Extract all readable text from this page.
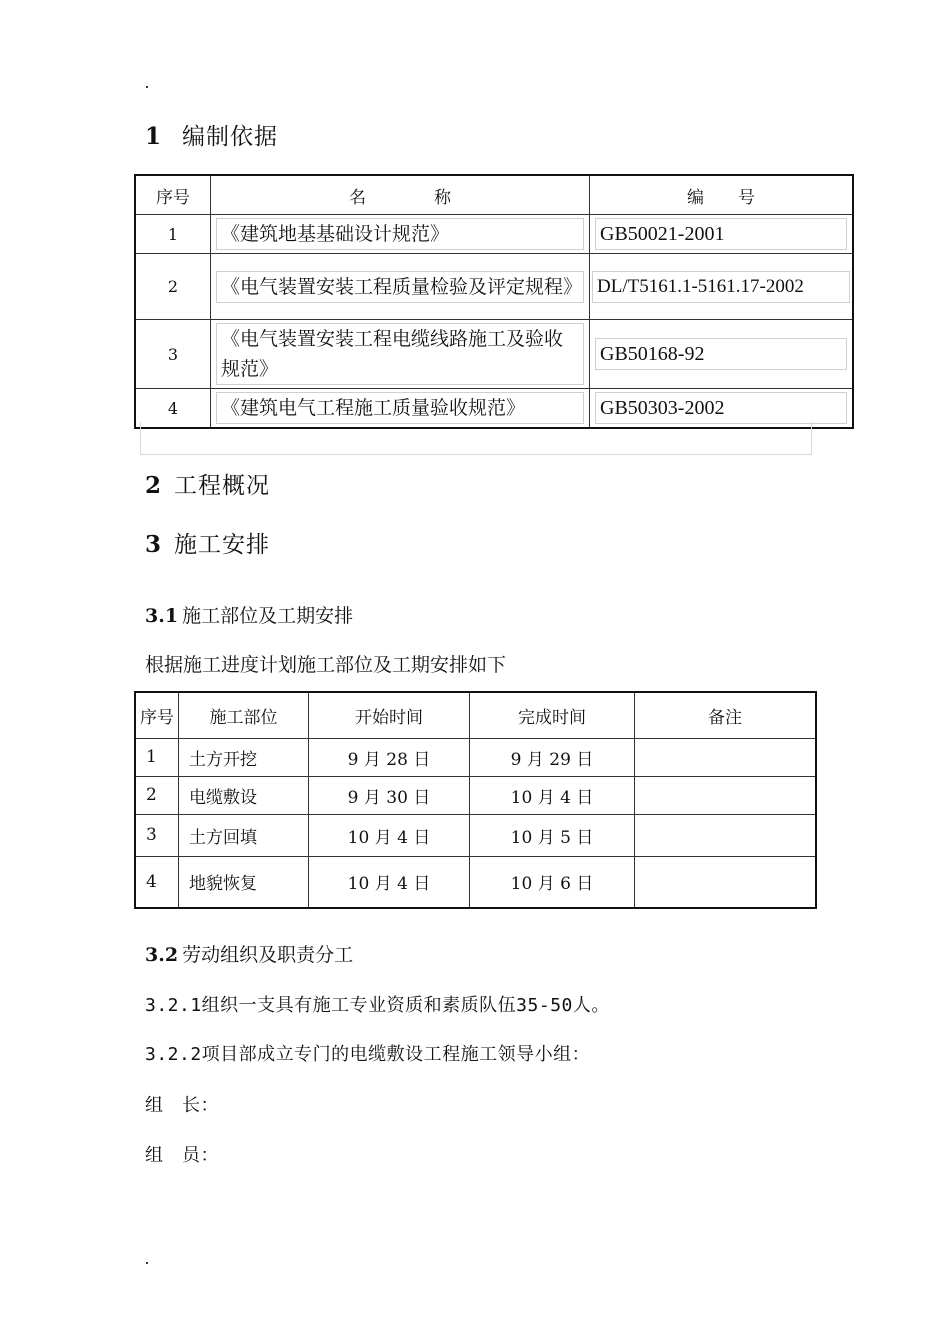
1 编制依据
序号	名　　　　称	编　　号
1	《建筑地基基础设计规范》	GB50021-2001

2	《电气装置安装工程质量检验及评定规程》	DL/T5161.1-5161.17-2002

3	《电气装置安装工程电缆线路施工及验收规范》	GB50168-92

4	《建筑电气工程施工质量验收规范》	GB50303-2002
2 工程概况
3 施工安排
3.1 施工部位及工期安排
根据施工进度计划施工部位及工期安排如下
序号	施工部位	开始时间	完成时间	备注
1	土方开挖	9 月 28 日	9 月 29 日	
2	电缆敷设	9 月 30 日	10 月 4 日	
3	土方回填	10 月 4 日	10 月 5 日	
4	地貌恢复	10 月 4 日	10 月 6 日	
3.2 劳动组织及职责分工
3.2.1组织一支具有施工专业资质和素质队伍35-50人。
3.2.2项目部成立专门的电缆敷设工程施工领导小组：
组　长：
组　员：
